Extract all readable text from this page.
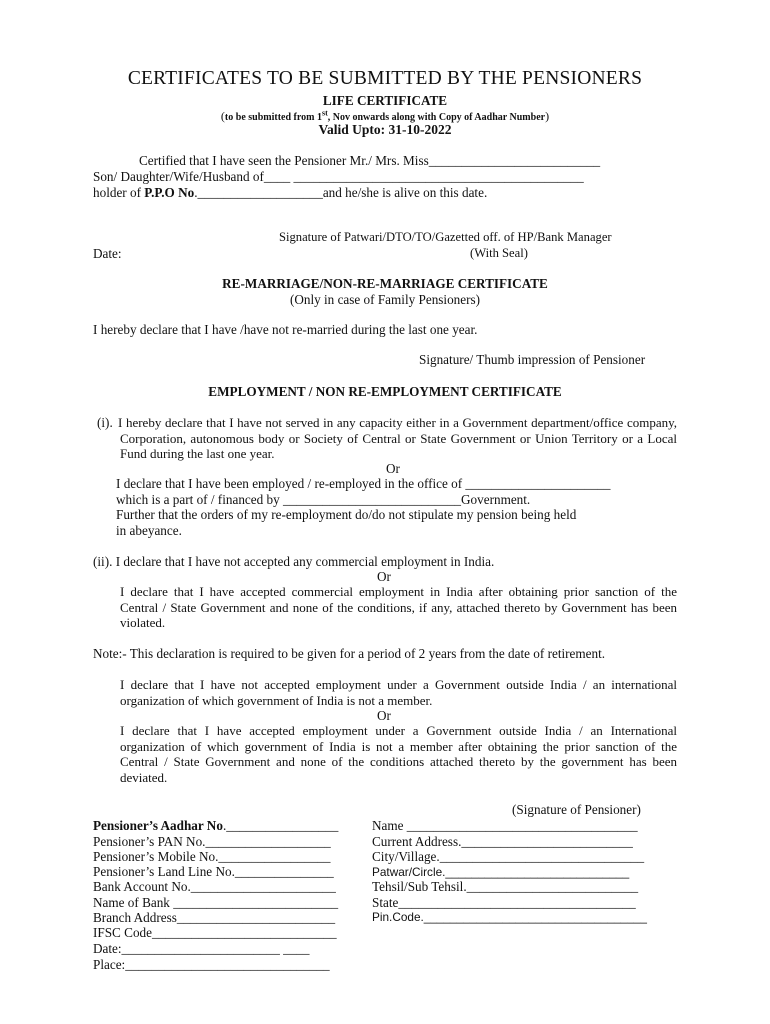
CERTIFICATES TO BE SUBMITTED BY THE PENSIONERS
LIFE CERTIFICATE
(to be submitted from 1st, Nov onwards along with Copy of Aadhar Number)
Valid Upto: 31-10-2022
Certified that I have seen the Pensioner Mr./ Mrs. Miss__________________________
Son/ Daughter/Wife/Husband of____ ____________________________________________
holder of P.P.O No.___________________and he/she is alive on this date.
Signature of Patwari/DTO/TO/Gazetted off. of HP/Bank Manager
Date:	(With Seal)
RE-MARRIAGE/NON-RE-MARRIAGE CERTIFICATE
(Only in case of Family Pensioners)
I hereby declare that I have /have not re-married during the last one year.
Signature/ Thumb impression of Pensioner
EMPLOYMENT / NON RE-EMPLOYMENT CERTIFICATE
(i). I hereby declare that I have not served in any capacity either in a Government department/office company, Corporation, autonomous body or Society of Central or State Government or Union Territory or a Local Fund during the last one year.
Or
I declare that I have been employed / re-employed in the office of ______________________
which is a part of / financed by ___________________________Government.
Further that the orders of my re-employment do/do not stipulate my pension being held
in abeyance.
(ii). I declare that I have not accepted any commercial employment in India.
Or
I declare that I have accepted commercial employment in India after obtaining prior sanction of the Central / State Government and none of the conditions, if any, attached thereto by Government has been violated.
Note:- This declaration is required to be given for a period of 2 years from the date of retirement.
I declare that I have not accepted employment under a Government outside India / an international organization of which government of India is not a member.
Or
I declare that I have accepted employment under a Government outside India / an International organization of which government of India is not a member after obtaining the prior sanction of the Central / State Government and none of the conditions attached thereto by the government has been deviated.
(Signature of Pensioner)
Pensioner’s Aadhar No._________________
Pensioner’s PAN No.___________________
Pensioner’s Mobile No._________________
Pensioner’s Land Line No._______________
Bank Account No.______________________
Name of Bank _________________________
Branch Address________________________
IFSC Code____________________________
Date:________________________ ____
Place:_______________________________
Name ___________________________________
Current Address.__________________________
City/Village._______________________________
Patwar/Circle.____________________________
Tehsil/Sub Tehsil.__________________________
State____________________________________
Pin.Code.__________________________________
